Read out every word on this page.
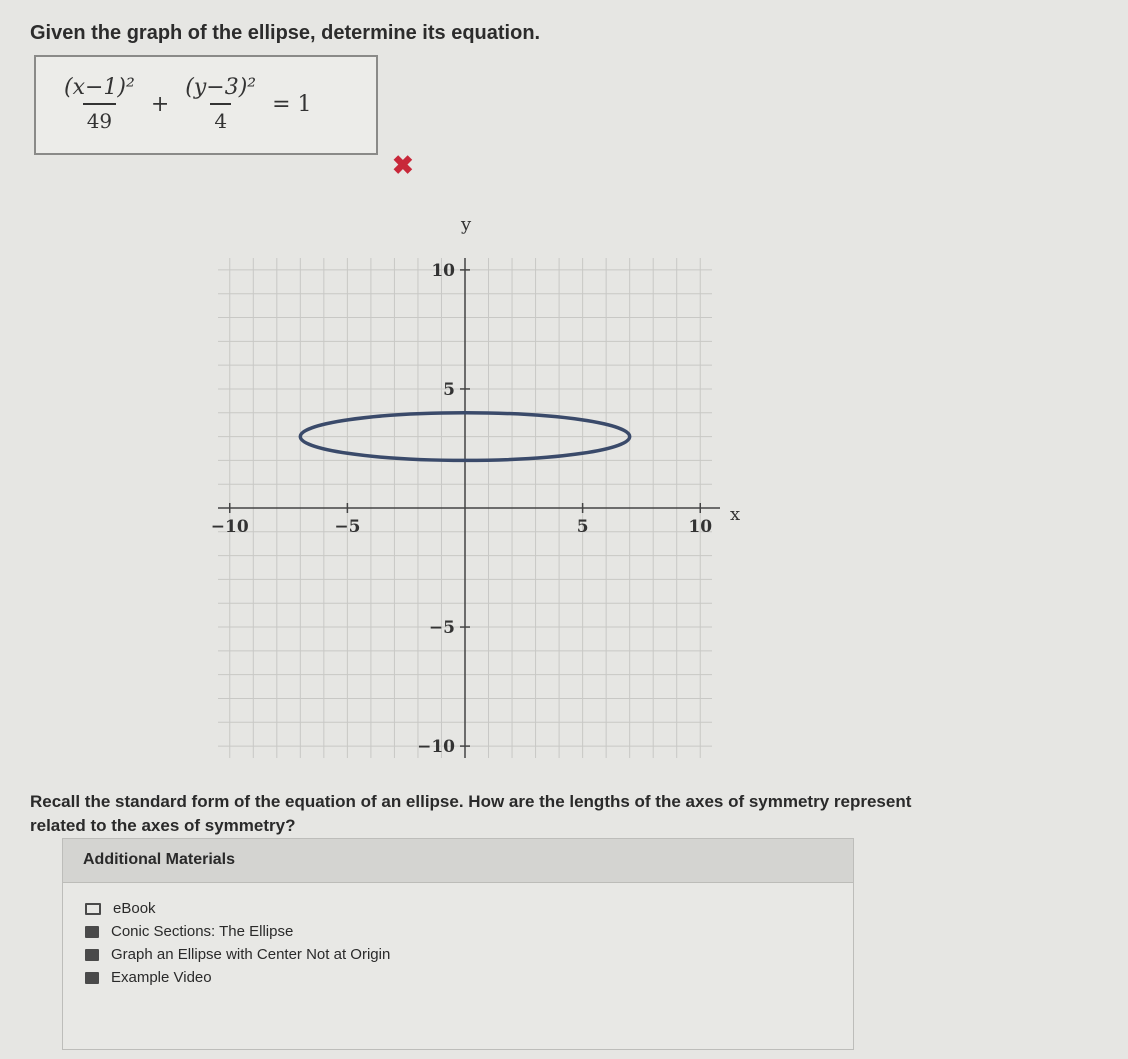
Given the graph of the ellipse, determine its equation.
$\frac{\text{(x−1)²}}{49} + \frac{\text{(y−3)²}}{4} = 1$
✖
x
y
−10	−5	5	10
10
5
−5
−10
Recall the standard form of the equation of an ellipse. How are the lengths of the axes of symmetry represent
related to the axes of symmetry?
Additional Materials
eBook
Conic Sections: The Ellipse
Graph an Ellipse with Center Not at Origin
Example Video
